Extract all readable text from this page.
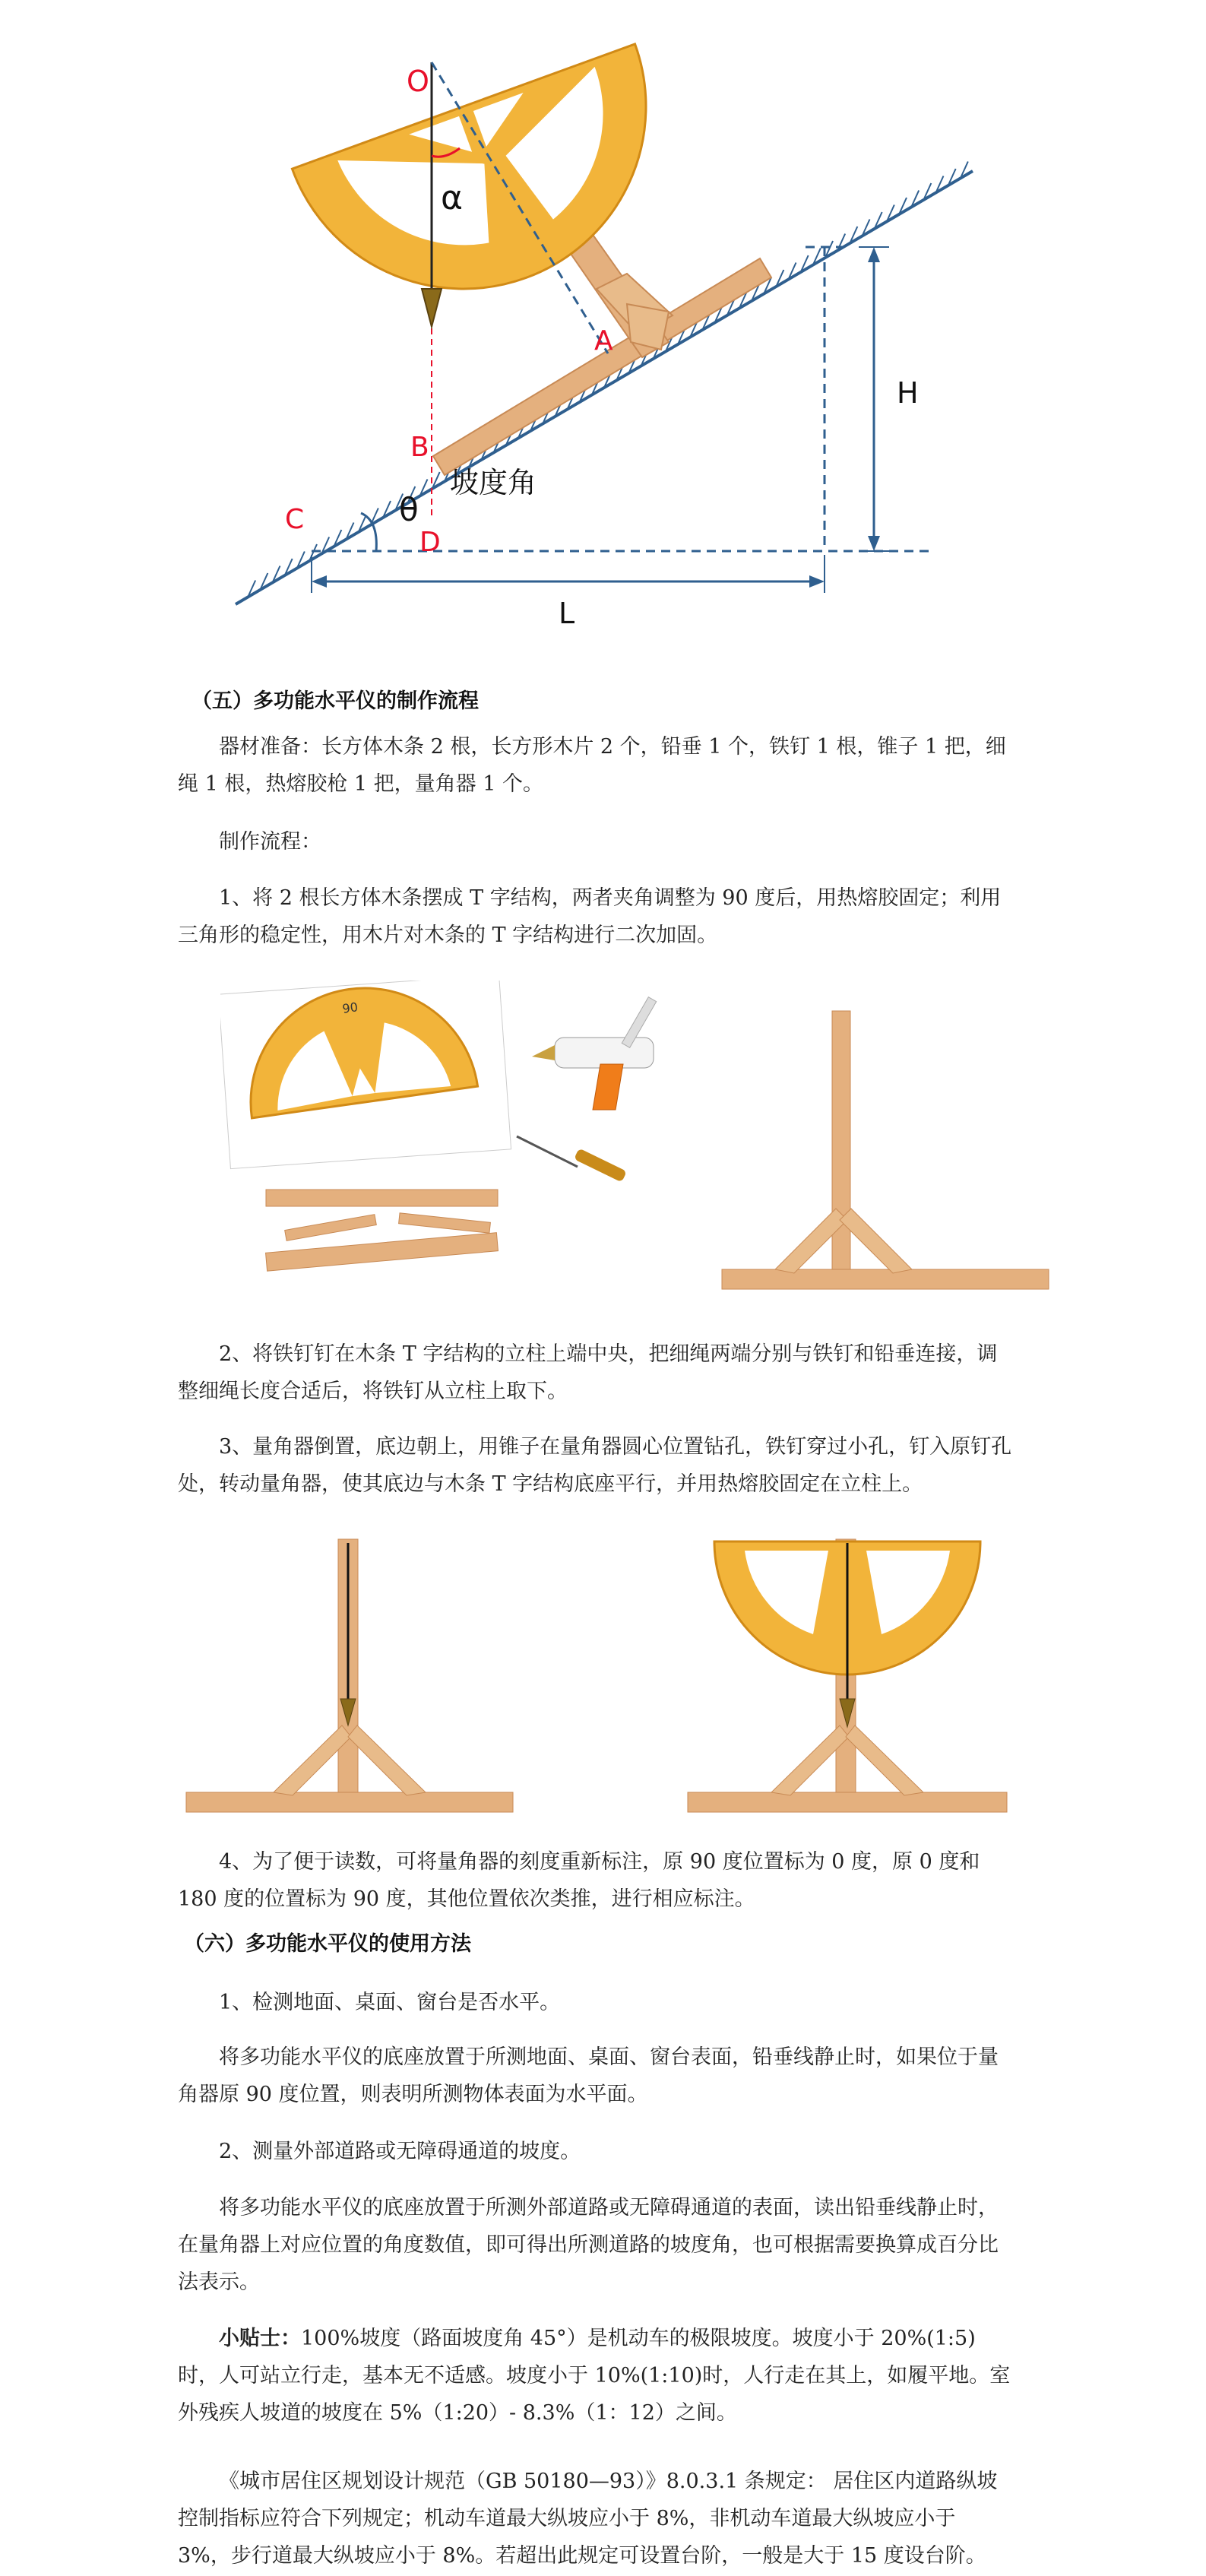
O
α
A
B
C
D
θ
坡度角
H
L
（五）多功能水平仪的制作流程
器材准备：长方体木条 2 根，长方形木片 2 个，铅垂 1 个，铁钉 1 根，锥子 1 把，细绳 1 根，热熔胶枪 1 把，量角器 1 个。
制作流程：
1、将 2 根长方体木条摆成 T 字结构，两者夹角调整为 90 度后，用热熔胶固定；利用三角形的稳定性，用木片对木条的 T 字结构进行二次加固。
90
2、将铁钉钉在木条 T 字结构的立柱上端中央，把细绳两端分别与铁钉和铅垂连接，调整细绳长度合适后，将铁钉从立柱上取下。
3、量角器倒置，底边朝上，用锥子在量角器圆心位置钻孔，铁钉穿过小孔，钉入原钉孔处，转动量角器，使其底边与木条 T 字结构底座平行，并用热熔胶固定在立柱上。
4、为了便于读数，可将量角器的刻度重新标注，原 90 度位置标为 0 度，原 0 度和 180 度的位置标为 90 度，其他位置依次类推，进行相应标注。
（六）多功能水平仪的使用方法
1、检测地面、桌面、窗台是否水平。
将多功能水平仪的底座放置于所测地面、桌面、窗台表面，铅垂线静止时，如果位于量角器原 90 度位置，则表明所测物体表面为水平面。
2、测量外部道路或无障碍通道的坡度。
将多功能水平仪的底座放置于所测外部道路或无障碍通道的表面，读出铅垂线静止时，在量角器上对应位置的角度数值，即可得出所测道路的坡度角，也可根据需要换算成百分比法表示。
小贴士：100%坡度（路面坡度角 45°）是机动车的极限坡度。坡度小于 20%(1:5)时，人可站立行走，基本无不适感。坡度小于 10%(1:10)时，人行走在其上，如履平地。室外残疾人坡道的坡度在 5%（1:20）- 8.3%（1：12）之间。
《城市居住区规划设计规范（GB 50180—93）》8.0.3.1 条规定： 居住区内道路纵坡控制指标应符合下列规定；机动车道最大纵坡应小于 8%，非机动车道最大纵坡应小于 3%，步行道最大纵坡应小于 8%。若超出此规定可设置台阶，一般是大于 15 度设台阶。
